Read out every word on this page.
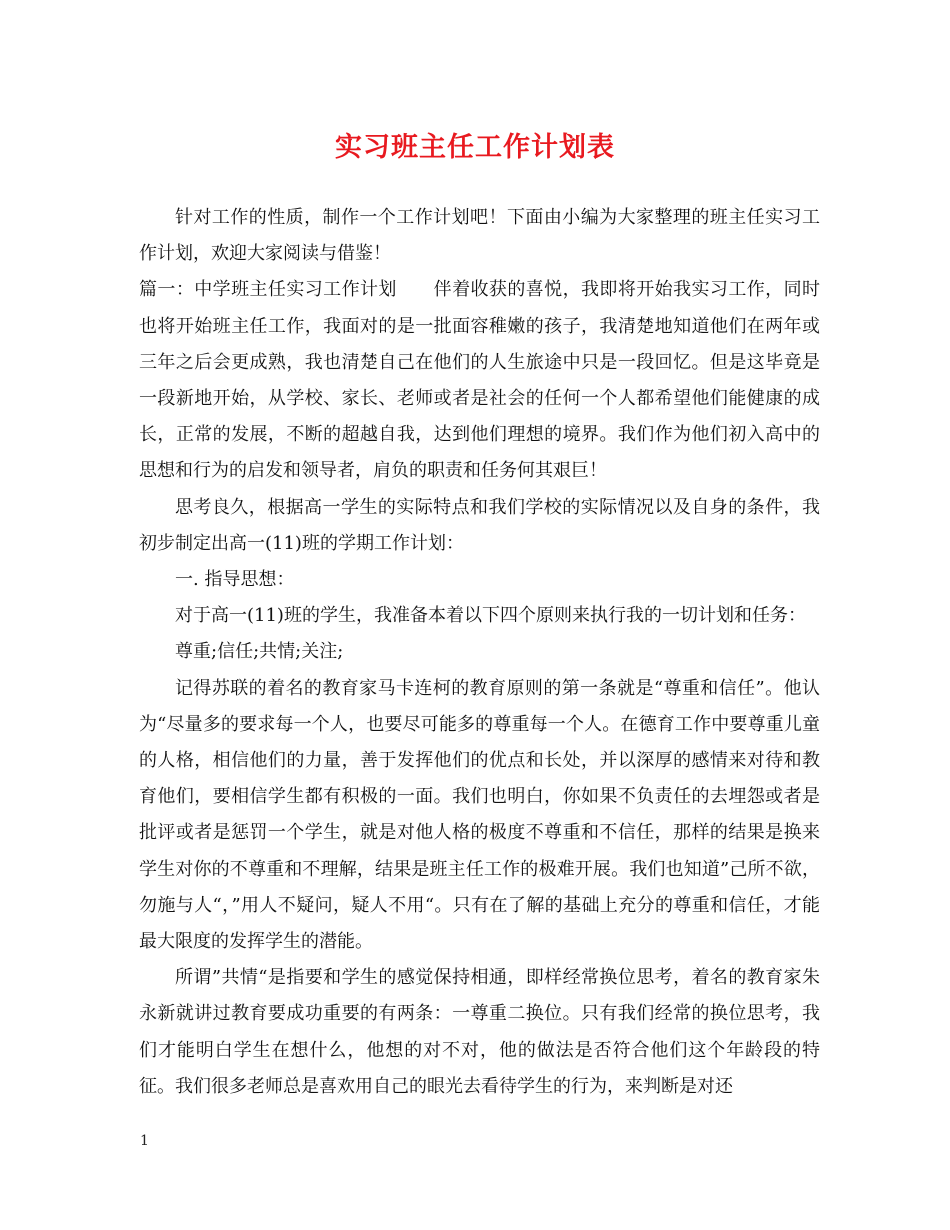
实习班主任工作计划表

针对工作的性质，制作一个工作计划吧！下面由小编为大家整理的班主任实习工作计划，欢迎大家阅读与借鉴！

篇一：中学班主任实习工作计划　　伴着收获的喜悦，我即将开始我实习工作，同时也将开始班主任工作，我面对的是一批面容稚嫩的孩子，我清楚地知道他们在两年或三年之后会更成熟，我也清楚自己在他们的人生旅途中只是一段回忆。但是这毕竟是一段新地开始，从学校、家长、老师或者是社会的任何一个人都希望他们能健康的成长，正常的发展，不断的超越自我，达到他们理想的境界。我们作为他们初入高中的思想和行为的启发和领导者，肩负的职责和任务何其艰巨！

思考良久，根据高一学生的实际特点和我们学校的实际情况以及自身的条件，我初步制定出高一(11)班的学期工作计划：

一. 指导思想：

对于高一(11)班的学生，我准备本着以下四个原则来执行我的一切计划和任务：

尊重;信任;共情;关注;

记得苏联的着名的教育家马卡连柯的教育原则的第一条就是“尊重和信任”。他认为“尽量多的要求每一个人，也要尽可能多的尊重每一个人。在德育工作中要尊重儿童的人格，相信他们的力量，善于发挥他们的优点和长处，并以深厚的感情来对待和教育他们，要相信学生都有积极的一面。我们也明白，你如果不负责任的去埋怨或者是批评或者是惩罚一个学生，就是对他人格的极度不尊重和不信任，那样的结果是换来学生对你的不尊重和不理解，结果是班主任工作的极难开展。我们也知道”己所不欲，勿施与人“，”用人不疑问，疑人不用“。只有在了解的基础上充分的尊重和信任，才能最大限度的发挥学生的潜能。

所谓”共情“是指要和学生的感觉保持相通，即样经常换位思考，着名的教育家朱永新就讲过教育要成功重要的有两条：一尊重二换位。只有我们经常的换位思考，我们才能明白学生在想什么，他想的对不对，他的做法是否符合他们这个年龄段的特征。我们很多老师总是喜欢用自己的眼光去看待学生的行为，来判断是对还

1
